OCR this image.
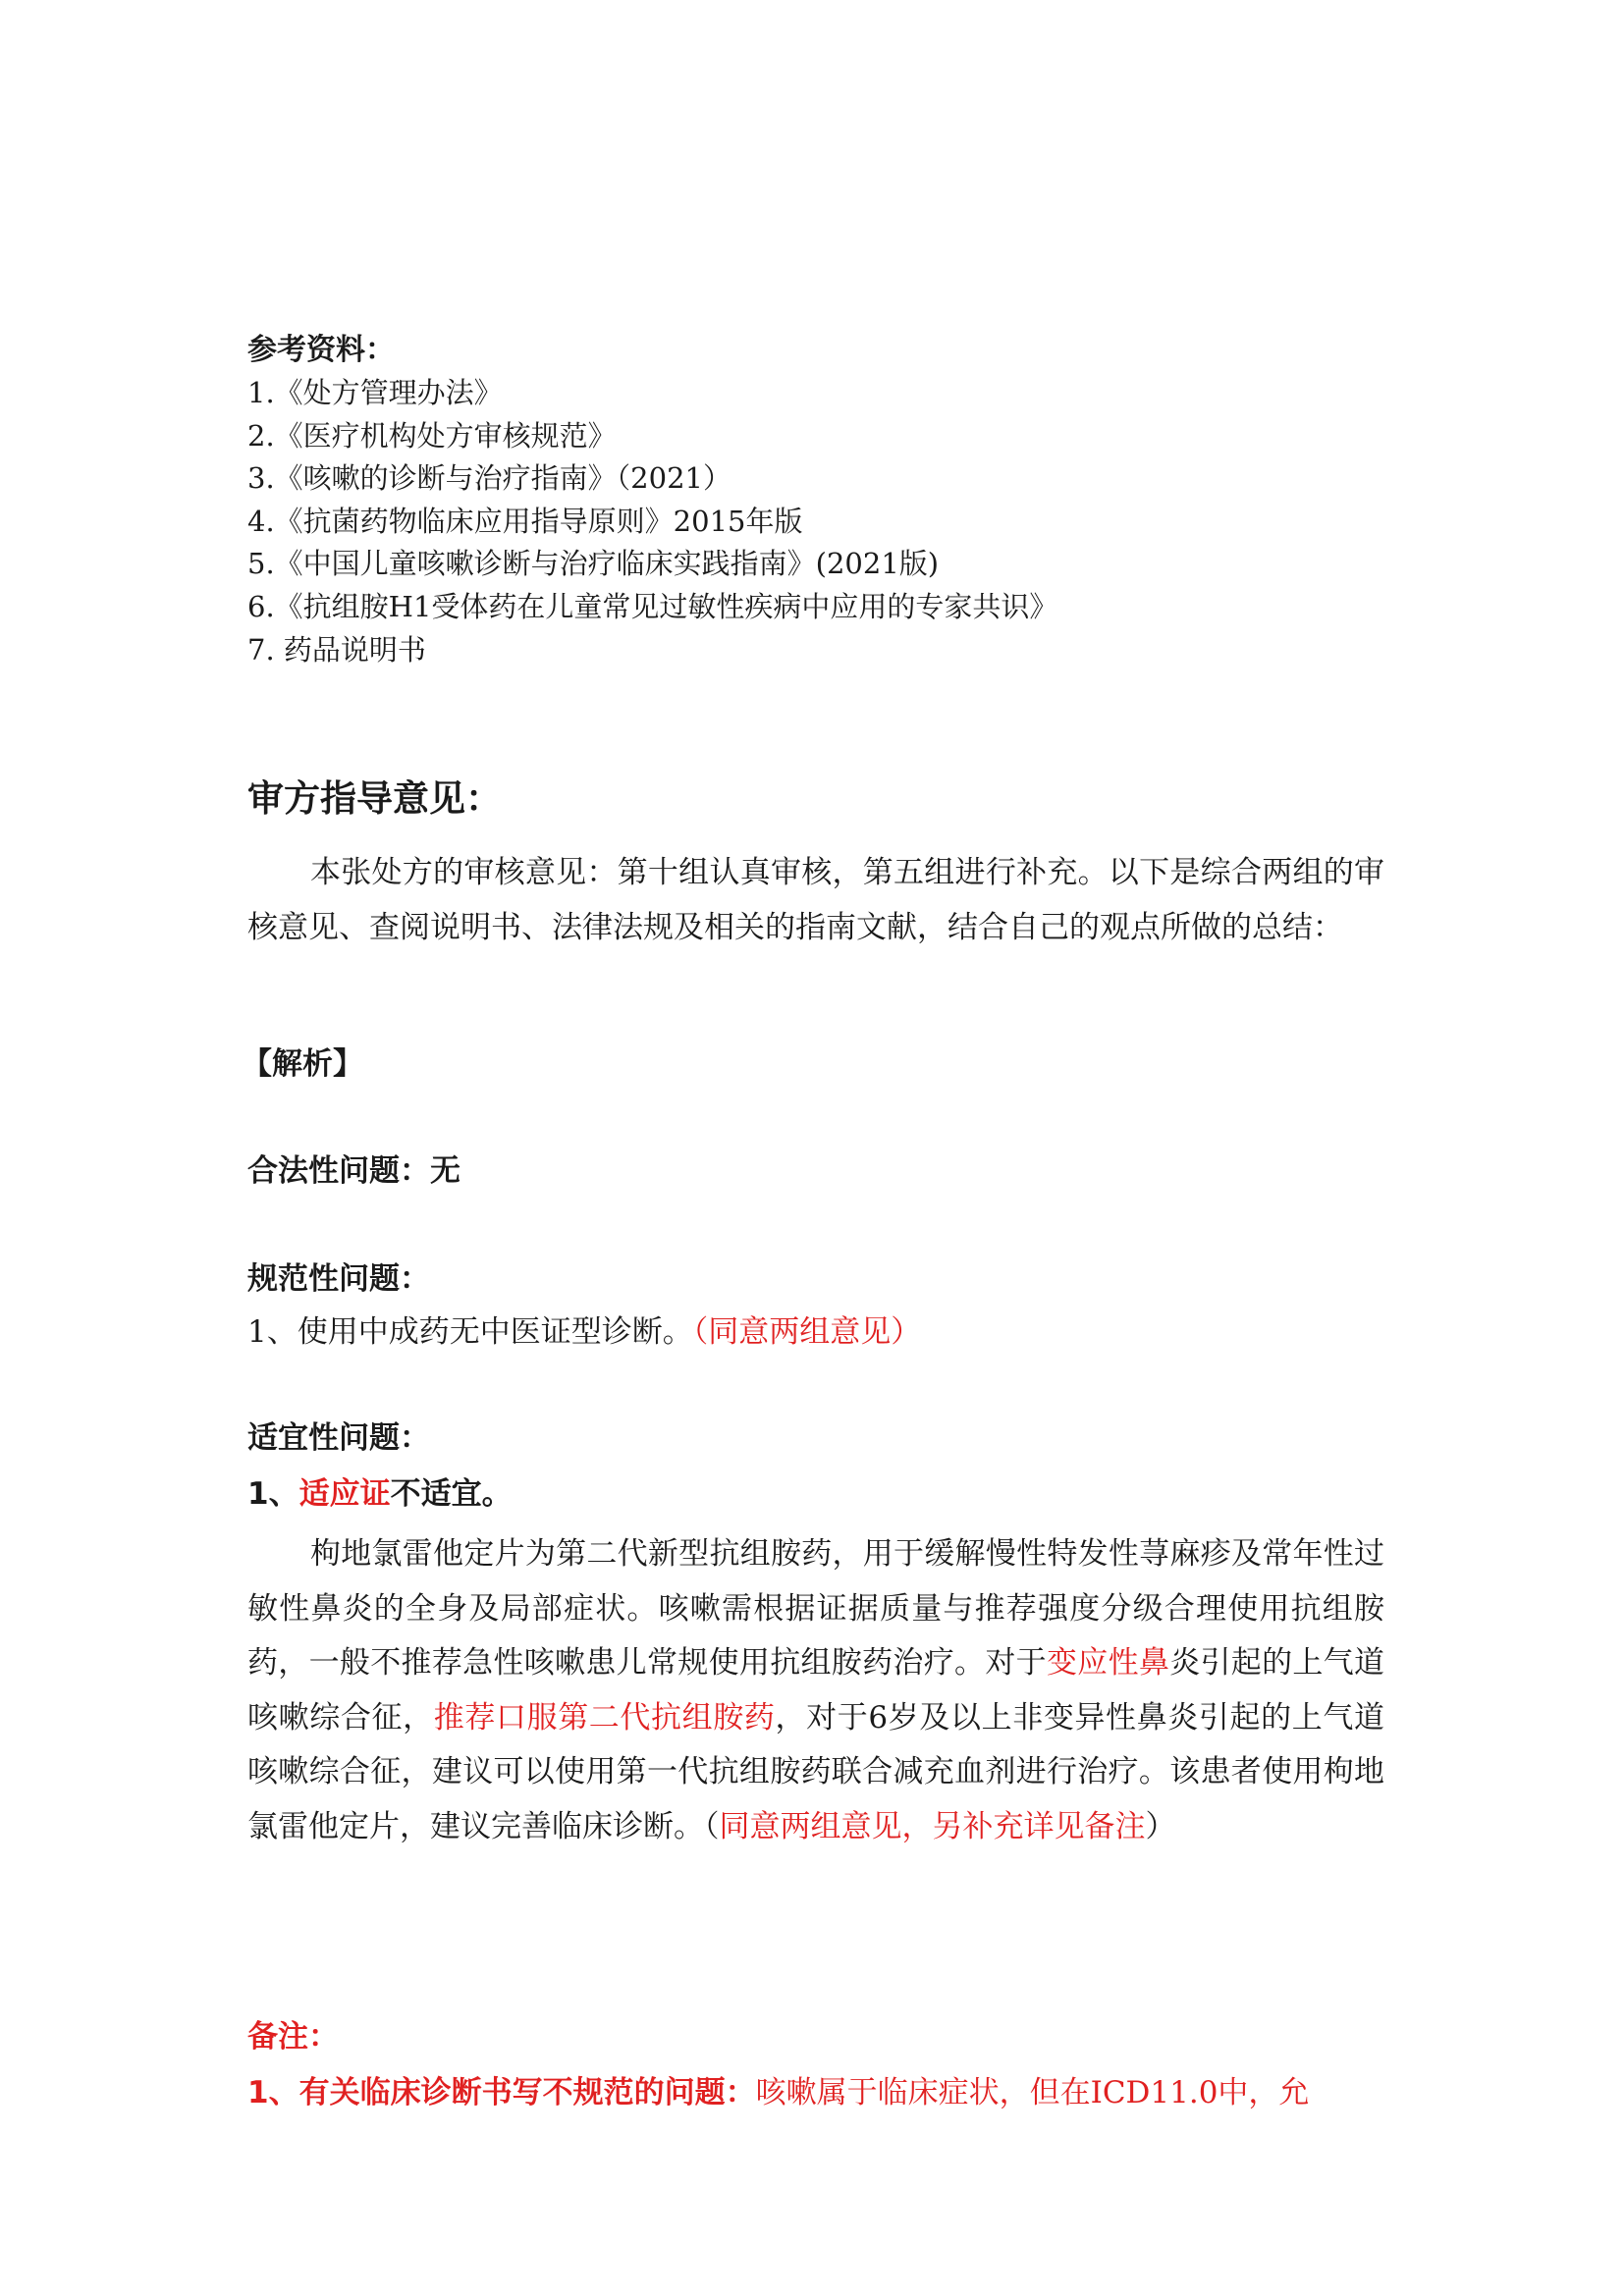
参考资料：
1.《处方管理办法》
2.《医疗机构处方审核规范》
3.《咳嗽的诊断与治疗指南》（2021）
4.《抗菌药物临床应用指导原则》2015年版
5.《中国儿童咳嗽诊断与治疗临床实践指南》(2021版)
6.《抗组胺H1受体药在儿童常见过敏性疾病中应用的专家共识》
7. 药品说明书
审方指导意见：
本张处方的审核意见：第十组认真审核，第五组进行补充。以下是综合两组的审核意见、查阅说明书、法律法规及相关的指南文献，结合自己的观点所做的总结：
【解析】
合法性问题：无
规范性问题：
1、使用中成药无中医证型诊断。（同意两组意见）
适宜性问题：
1、适应证不适宜。
枸地氯雷他定片为第二代新型抗组胺药，用于缓解慢性特发性荨麻疹及常年性过敏性鼻炎的全身及局部症状。咳嗽需根据证据质量与推荐强度分级合理使用抗组胺药，一般不推荐急性咳嗽患儿常规使用抗组胺药治疗。对于变应性鼻炎引起的上气道咳嗽综合征，推荐口服第二代抗组胺药，对于6岁及以上非变异性鼻炎引起的上气道咳嗽综合征，建议可以使用第一代抗组胺药联合减充血剂进行治疗。该患者使用枸地氯雷他定片，建议完善临床诊断。（同意两组意见，另补充详见备注）
备注：
1、有关临床诊断书写不规范的问题：咳嗽属于临床症状，但在ICD11.0中，允
